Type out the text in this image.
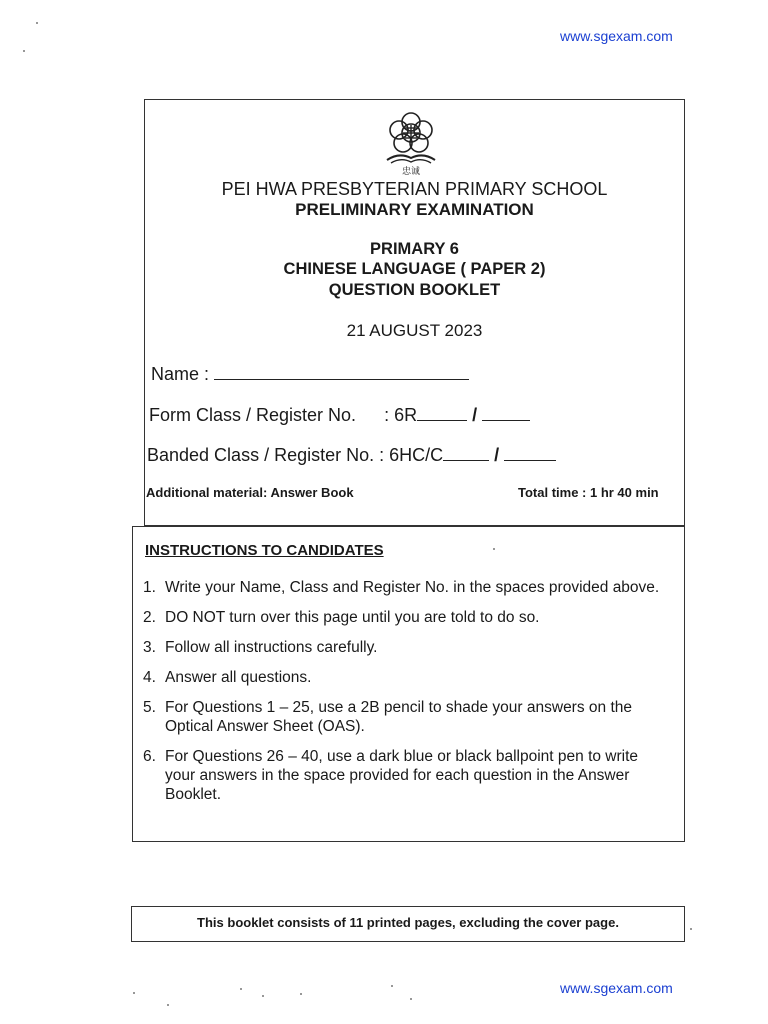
www.sgexam.com
忠诚
PEI HWA PRESBYTERIAN PRIMARY SCHOOL
PRELIMINARY EXAMINATION
PRIMARY 6
CHINESE LANGUAGE ( PAPER 2)
QUESTION BOOKLET
21 AUGUST 2023
Name :
Form Class / Register No. : 6R	/
Banded Class / Register No. : 6HC/C	/
Additional material: Answer Book	Total time : 1 hr 40 min
INSTRUCTIONS TO CANDIDATES
1. Write your Name, Class and Register No. in the spaces provided above.
2. DO NOT turn over this page until you are told to do so.
3. Follow all instructions carefully.
4. Answer all questions.
5. For Questions 1 – 25, use a 2B pencil to shade your answers on the Optical Answer Sheet (OAS).
6. For Questions 26 – 40, use a dark blue or black ballpoint pen to write your answers in the space provided for each question in the Answer Booklet.
This booklet consists of 11 printed pages, excluding the cover page.
www.sgexam.com
